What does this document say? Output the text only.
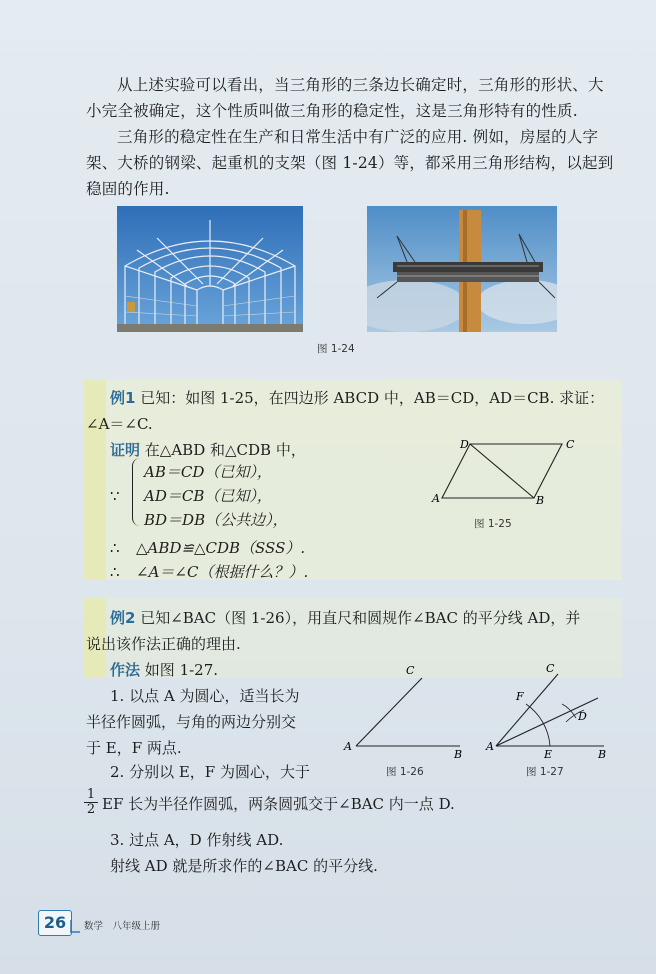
从上述实验可以看出，当三角形的三条边长确定时，三角形的形状、大小完全被确定，这个性质叫做三角形的稳定性，这是三角形特有的性质.
三角形的稳定性在生产和日常生活中有广泛的应用. 例如，房屋的人字架、大桥的钢梁、起重机的支架（图 1-24）等，都采用三角形结构，以起到稳固的作用.
图 1-24
例1 已知：如图 1-25，在四边形 ABCD 中，AB＝CD，AD＝CB. 求证：
∠A＝∠C.
证明 在△ABD 和△CDB 中，
∵
AB＝CD（已知），
AD＝CB（已知），
BD＝DB（公共边），
∴ △ABD≌△CDB（SSS）.
∴ ∠A＝∠C（根据什么？）.
A	B
C
D
图 1-25
例2 已知∠BAC（图 1-26），用直尺和圆规作∠BAC 的平分线 AD，并
说出该作法正确的理由.
作法 如图 1-27.
1. 以点 A 为圆心，适当长为
半径作圆弧，与角的两边分别交
于 E，F 两点.
2. 分别以 E，F 为圆心，大于
$\frac{1}{2}$ EF 长为半径作圆弧，两条圆弧交于∠BAC 内一点 D.
3. 过点 A，D 作射线 AD.
射线 AD 就是所求作的∠BAC 的平分线.
A
B
C
图 1-26
A
B
C
D
E
F
图 1-27
26	数学　八年级上册
